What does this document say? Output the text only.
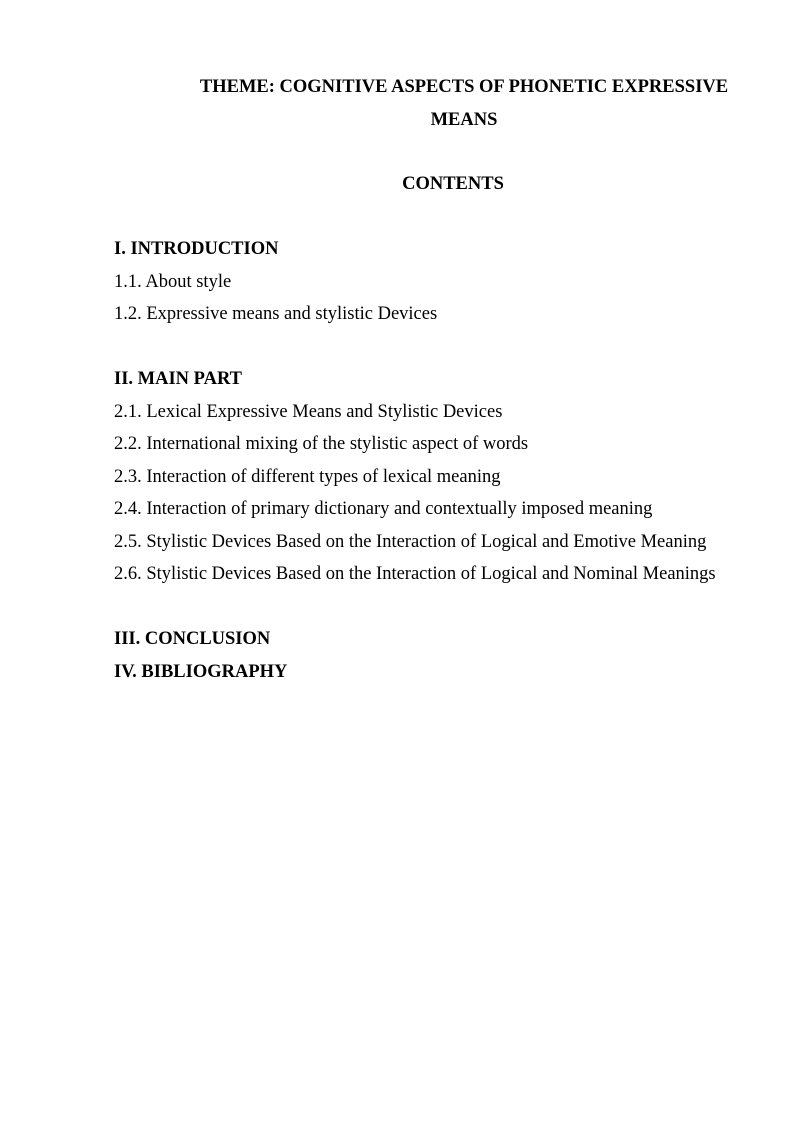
THEME: COGNITIVE ASPECTS OF PHONETIC EXPRESSIVE
MEANS
CONTENTS
I. INTRODUCTION
1.1. About style
1.2. Expressive means and stylistic Devices
II. MAIN PART
2.1. Lexical Expressive Means and Stylistic Devices
2.2. International mixing of the stylistic aspect of words
2.3. Interaction of different types of lexical meaning
2.4. Interaction of primary dictionary and contextually imposed meaning
2.5. Stylistic Devices Based on the Interaction of Logical and Emotive Meaning
2.6. Stylistic Devices Based on the Interaction of Logical and Nominal Meanings
III. CONCLUSION
IV. BIBLIOGRAPHY
